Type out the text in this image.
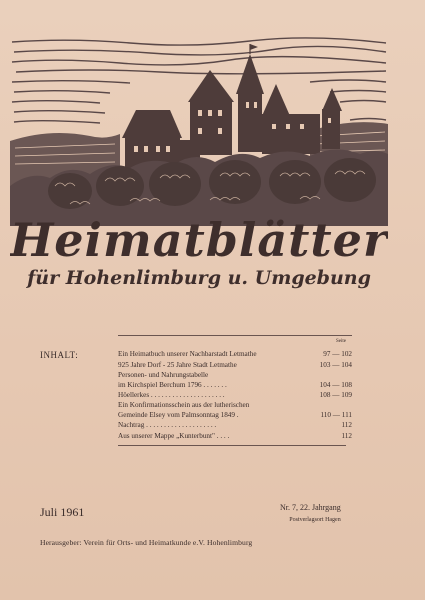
Heimatblätter
für Hohenlimburg u. Umgebung
INHALT:
Seite
Ein Heimatbuch unserer Nachbarstadt Letmathe	97 — 102
925 Jahre Dorf - 25 Jahre Stadt Letmathe	103 — 104
Personen- und Nahrungstabelle
im Kirchspiel Berchum 1796 . . . . . . .	104 — 108
Höellerkes . . . . . . . . . . . . . . . . . . . . .	108 — 109
Ein Konfirmationsschein aus der lutherischen
Gemeinde Elsey vom Palmsonntag 1849 .	110 — 111
Nachtrag . . . . . . . . . . . . . . . . . . . .	112
Aus unserer Mappe „Kunterbunt" . . . .	112
Juli 1961	Nr. 7, 22. Jahrgang
Postverlagsort Hagen
Herausgeber: Verein für Orts- und Heimatkunde e.V. Hohenlimburg
